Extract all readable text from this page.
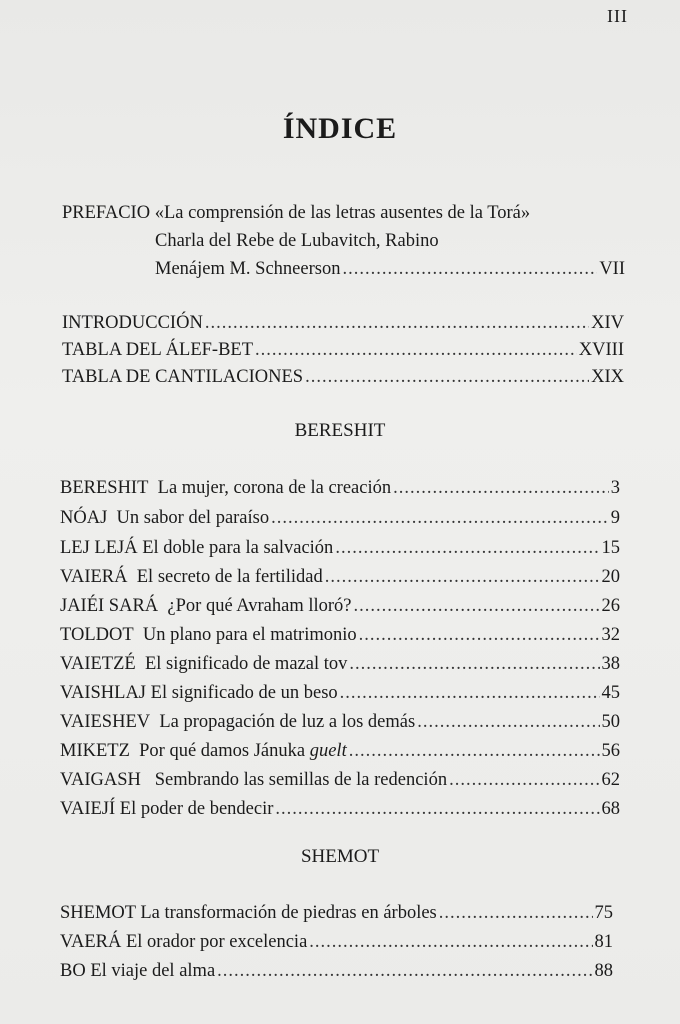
III
ÍNDICE
PREFACIO «La comprensión de las letras ausentes de la Torá»
Charla del Rebe de Lubavitch, Rabino
Menájem M. Schneerson .....	VII
INTRODUCCIÓN .....	XIV
TABLA DEL ÁLEF-BET .....	XVIII
TABLA DE CANTILACIONES .....	XIX
BERESHIT
BERESHIT La mujer, corona de la creación .....	3
NÓAJ Un sabor del paraíso .....	9
LEJ LEJÁ El doble para la salvación .....	15
VAIERÁ El secreto de la fertilidad .....	20
JAIÉI SARÁ ¿Por qué Avraham lloró? .....	26
TOLDOT Un plano para el matrimonio .....	32
VAIETZÉ El significado de mazal tov .....	38
VAISHLAJ El significado de un beso .....	45
VAIESHEV La propagación de luz a los demás .....	50
MIKETZ Por qué damos Jánuka guelt .....	56
VAIGASH Sembrando las semillas de la redención .....	62
VAIEJÍ El poder de bendecir .....	68
SHEMOT
SHEMOT La transformación de piedras en árboles .....	75
VAERÁ El orador por excelencia .....	81
BO El viaje del alma .....	88
